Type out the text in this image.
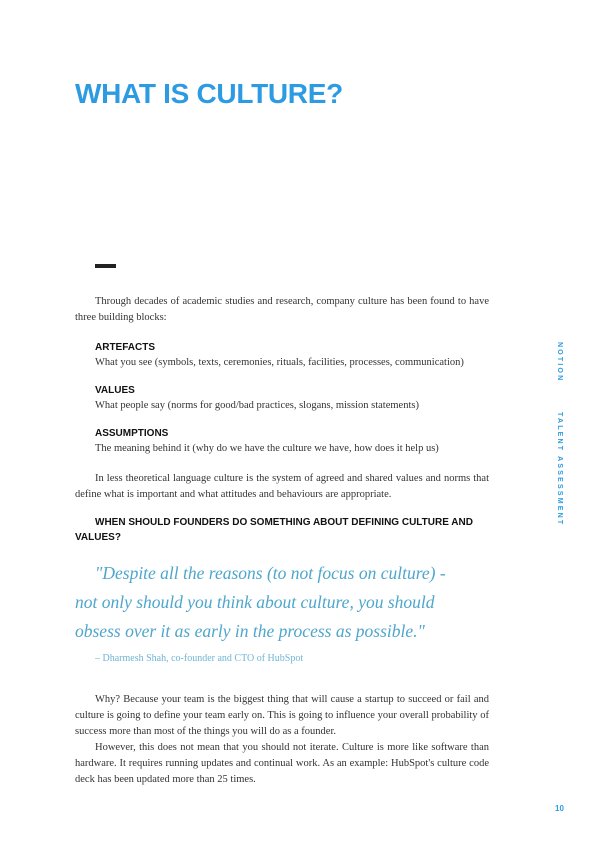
WHAT IS CULTURE?

Through decades of academic studies and research, company culture has been found to have three building blocks:

ARTEFACTS
What you see (symbols, texts, ceremonies, rituals, facilities, processes, communication)
VALUES
What people say (norms for good/bad practices, slogans, mission statements)
ASSUMPTIONS
The meaning behind it (why do we have the culture we have, how does it help us)

In less theoretical language culture is the system of agreed and shared values and norms that define what is important and what attitudes and behaviours are appropriate.

WHEN SHOULD FOUNDERS DO SOMETHING ABOUT DEFINING CULTURE AND VALUES?

"Despite all the reasons (to not focus on culture) -
not only should you think about culture, you should
obsess over it as early in the process as possible."
– Dharmesh Shah, co-founder and CTO of HubSpot

Why? Because your team is the biggest thing that will cause a startup to succeed or fail and culture is going to define your team early on. This is going to influence your overall probability of success more than most of the things you will do as a founder.

However, this does not mean that you should not iterate. Culture is more like software than hardware. It requires running updates and continual work. As an example: HubSpot's culture code deck has been updated more than 25 times.

NOTION
TALENT ASSESSMENT
10
